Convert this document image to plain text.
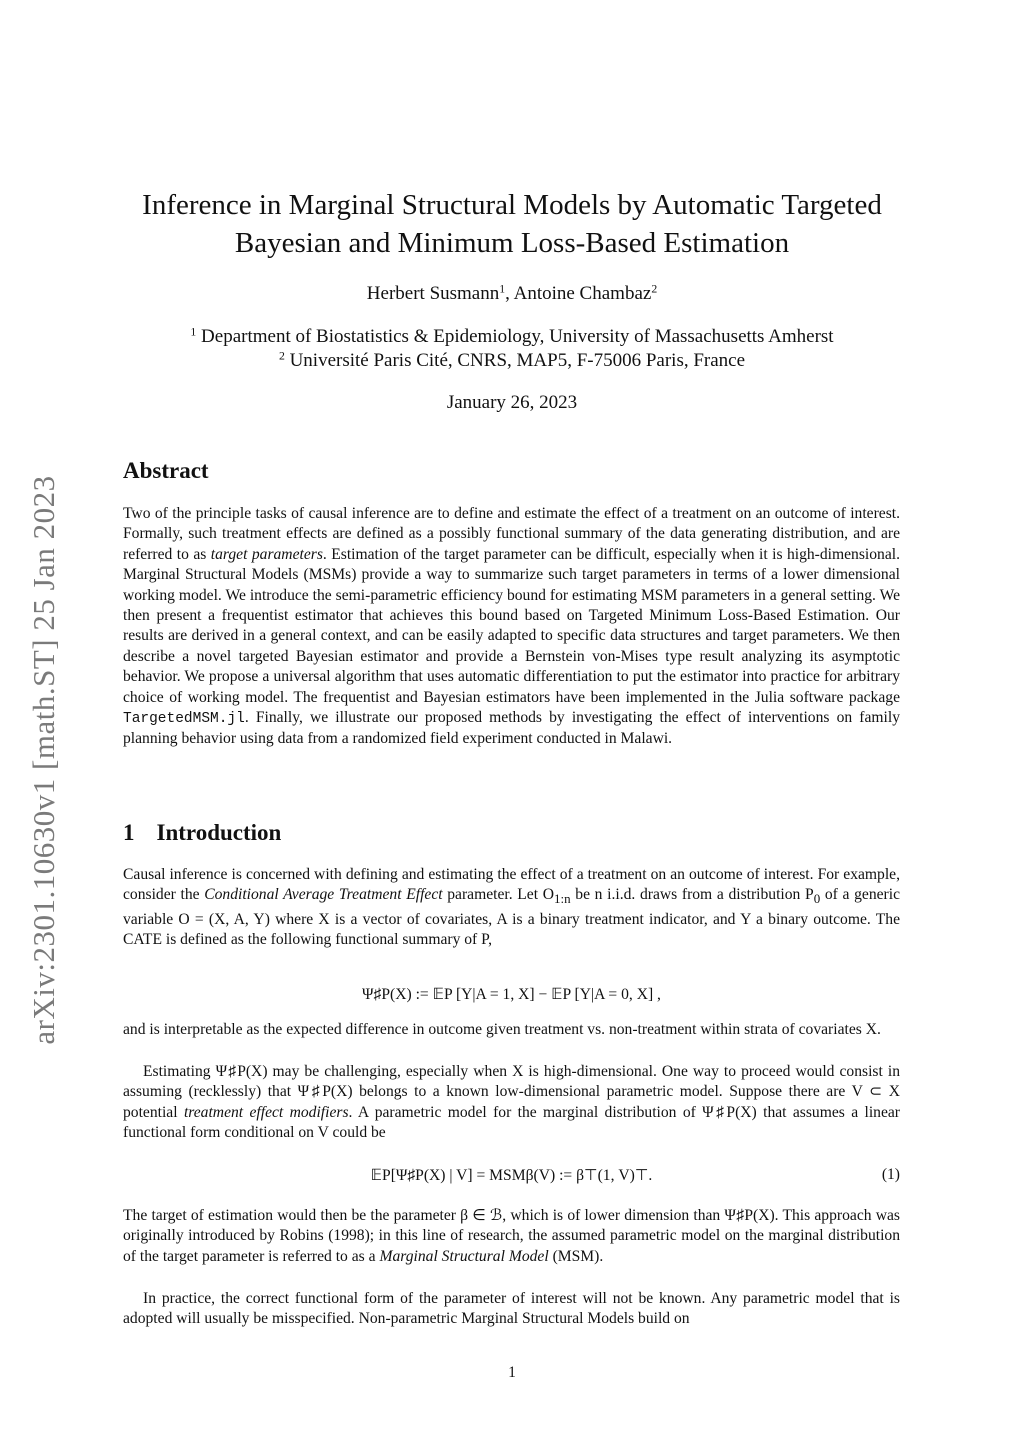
arXiv:2301.10630v1 [math.ST] 25 Jan 2023
Inference in Marginal Structural Models by Automatic Targeted Bayesian and Minimum Loss-Based Estimation
Herbert Susmann$^1$, Antoine Chambaz$^2$
$^1$ Department of Biostatistics & Epidemiology, University of Massachusetts Amherst
$^2$ Université Paris Cité, CNRS, MAP5, F-75006 Paris, France
January 26, 2023
Abstract

Two of the principle tasks of causal inference are to define and estimate the effect of a treatment on an outcome of interest. Formally, such treatment effects are defined as a possibly functional summary of the data generating distribution, and are referred to as target parameters. Estimation of the target parameter can be difficult, especially when it is high-dimensional. Marginal Structural Models (MSMs) provide a way to summarize such target parameters in terms of a lower dimensional working model. We introduce the semi-parametric efficiency bound for estimating MSM parameters in a general setting. We then present a frequentist estimator that achieves this bound based on Targeted Minimum Loss-Based Estimation. Our results are derived in a general context, and can be easily adapted to specific data structures and target parameters. We then describe a novel targeted Bayesian estimator and provide a Bernstein von-Mises type result analyzing its asymptotic behavior. We propose a universal algorithm that uses automatic differentiation to put the estimator into practice for arbitrary choice of working model. The frequentist and Bayesian estimators have been implemented in the Julia software package TargetedMSM.jl. Finally, we illustrate our proposed methods by investigating the effect of interventions on family planning behavior using data from a randomized field experiment conducted in Malawi.

1 Introduction

Causal inference is concerned with defining and estimating the effect of a treatment on an outcome of interest. For example, consider the Conditional Average Treatment Effect parameter. Let $O_{1:n}$ be n i.i.d. draws from a distribution $P_0$ of a generic variable O = (X, A, Y) where X is a vector of covariates, A is a binary treatment indicator, and Y a binary outcome. The CATE is defined as the following functional summary of P,

Ψ♯P(X) := 𝔼P [Y|A = 1, X] − 𝔼P [Y|A = 0, X] ,

and is interpretable as the expected difference in outcome given treatment vs. non-treatment within strata of covariates X.

Estimating Ψ♯P(X) may be challenging, especially when X is high-dimensional. One way to proceed would consist in assuming (recklessly) that Ψ♯P(X) belongs to a known low-dimensional parametric model. Suppose there are V ⊂ X potential treatment effect modifiers. A parametric model for the marginal distribution of Ψ♯P(X) that assumes a linear functional form conditional on V could be

𝔼P[Ψ♯P(X) | V] = MSMβ(V) := β⊤(1, V)⊤.	(1)

The target of estimation would then be the parameter β ∈ ℬ, which is of lower dimension than Ψ♯P(X). This approach was originally introduced by Robins (1998); in this line of research, the assumed parametric model on the marginal distribution of the target parameter is referred to as a Marginal Structural Model (MSM).

In practice, the correct functional form of the parameter of interest will not be known. Any parametric model that is adopted will usually be misspecified. Non-parametric Marginal Structural Models build on

1
